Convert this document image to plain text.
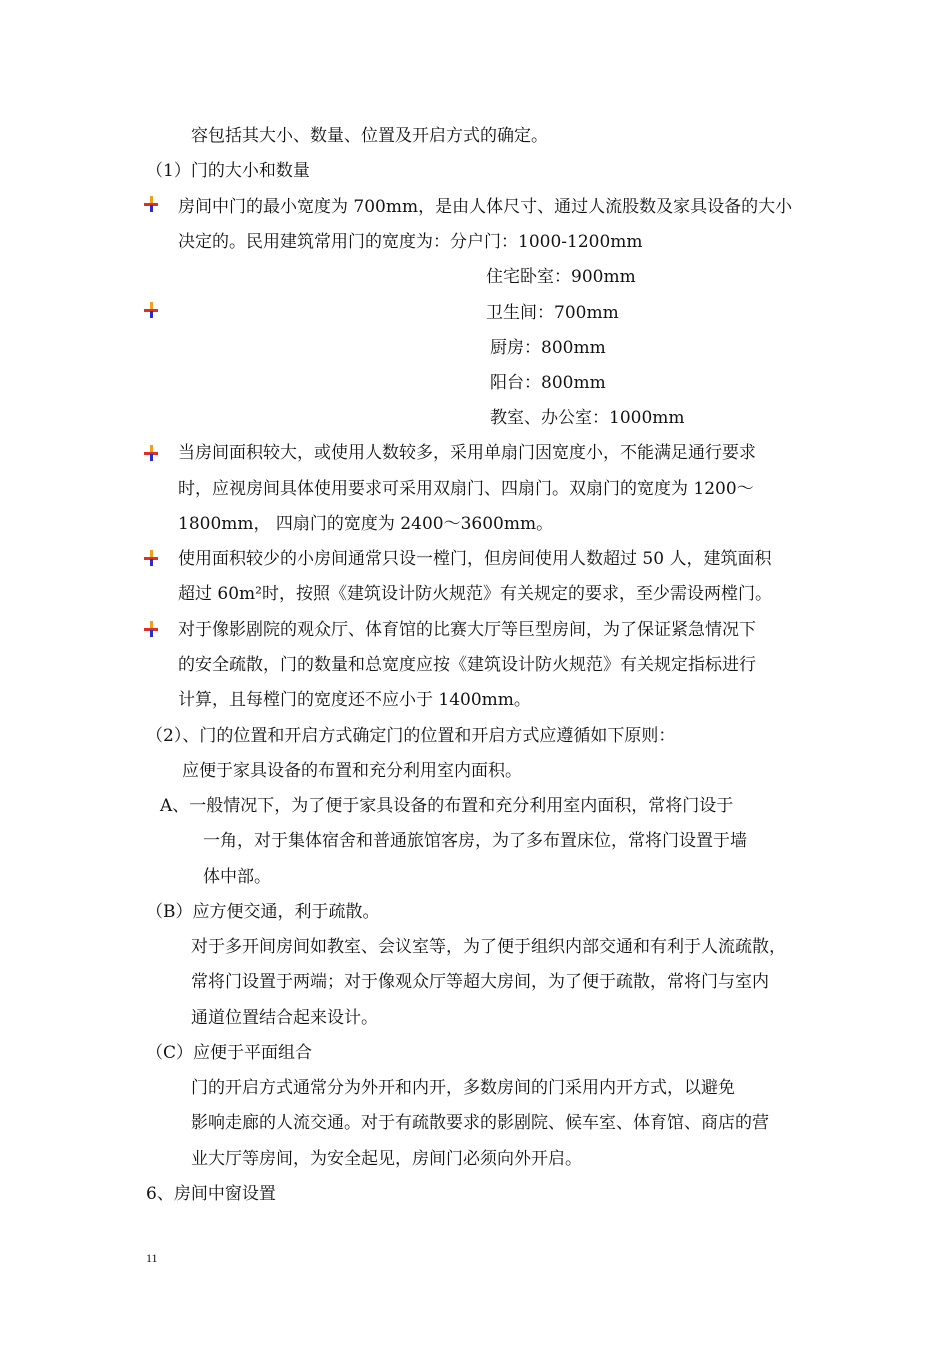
容包括其大小、数量、位置及开启方式的确定。
（1）门的大小和数量
房间中门的最小宽度为 700mm，是由人体尺寸、通过人流股数及家具设备的大小
决定的。民用建筑常用门的宽度为：分户门：1000-1200mm
住宅卧室：900mm
卫生间：700mm
厨房：800mm
阳台：800mm
教室、办公室：1000mm
当房间面积较大，或使用人数较多，采用单扇门因宽度小，不能满足通行要求
时，应视房间具体使用要求可采用双扇门、四扇门。双扇门的宽度为 1200～
1800mm， 四扇门的宽度为 2400～3600mm。
使用面积较少的小房间通常只设一樘门，但房间使用人数超过 50 人，建筑面积
超过 60m²时，按照《建筑设计防火规范》有关规定的要求，至少需设两樘门。
对于像影剧院的观众厅、体育馆的比赛大厅等巨型房间，为了保证紧急情况下
的安全疏散，门的数量和总宽度应按《建筑设计防火规范》有关规定指标进行
计算，且每樘门的宽度还不应小于 1400mm。
（2）、门的位置和开启方式确定门的位置和开启方式应遵循如下原则：
应便于家具设备的布置和充分利用室内面积。
A、一般情况下，为了便于家具设备的布置和充分利用室内面积，常将门设于
一角，对于集体宿舍和普通旅馆客房，为了多布置床位，常将门设置于墙
体中部。
（B）应方便交通，利于疏散。
对于多开间房间如教室、会议室等，为了便于组织内部交通和有利于人流疏散，
常将门设置于两端；对于像观众厅等超大房间，为了便于疏散，常将门与室内
通道位置结合起来设计。
（C）应便于平面组合
门的开启方式通常分为外开和内开，多数房间的门采用内开方式，以避免
影响走廊的人流交通。对于有疏散要求的影剧院、候车室、体育馆、商店的营
业大厅等房间，为安全起见，房间门必须向外开启。
6、房间中窗设置
11
